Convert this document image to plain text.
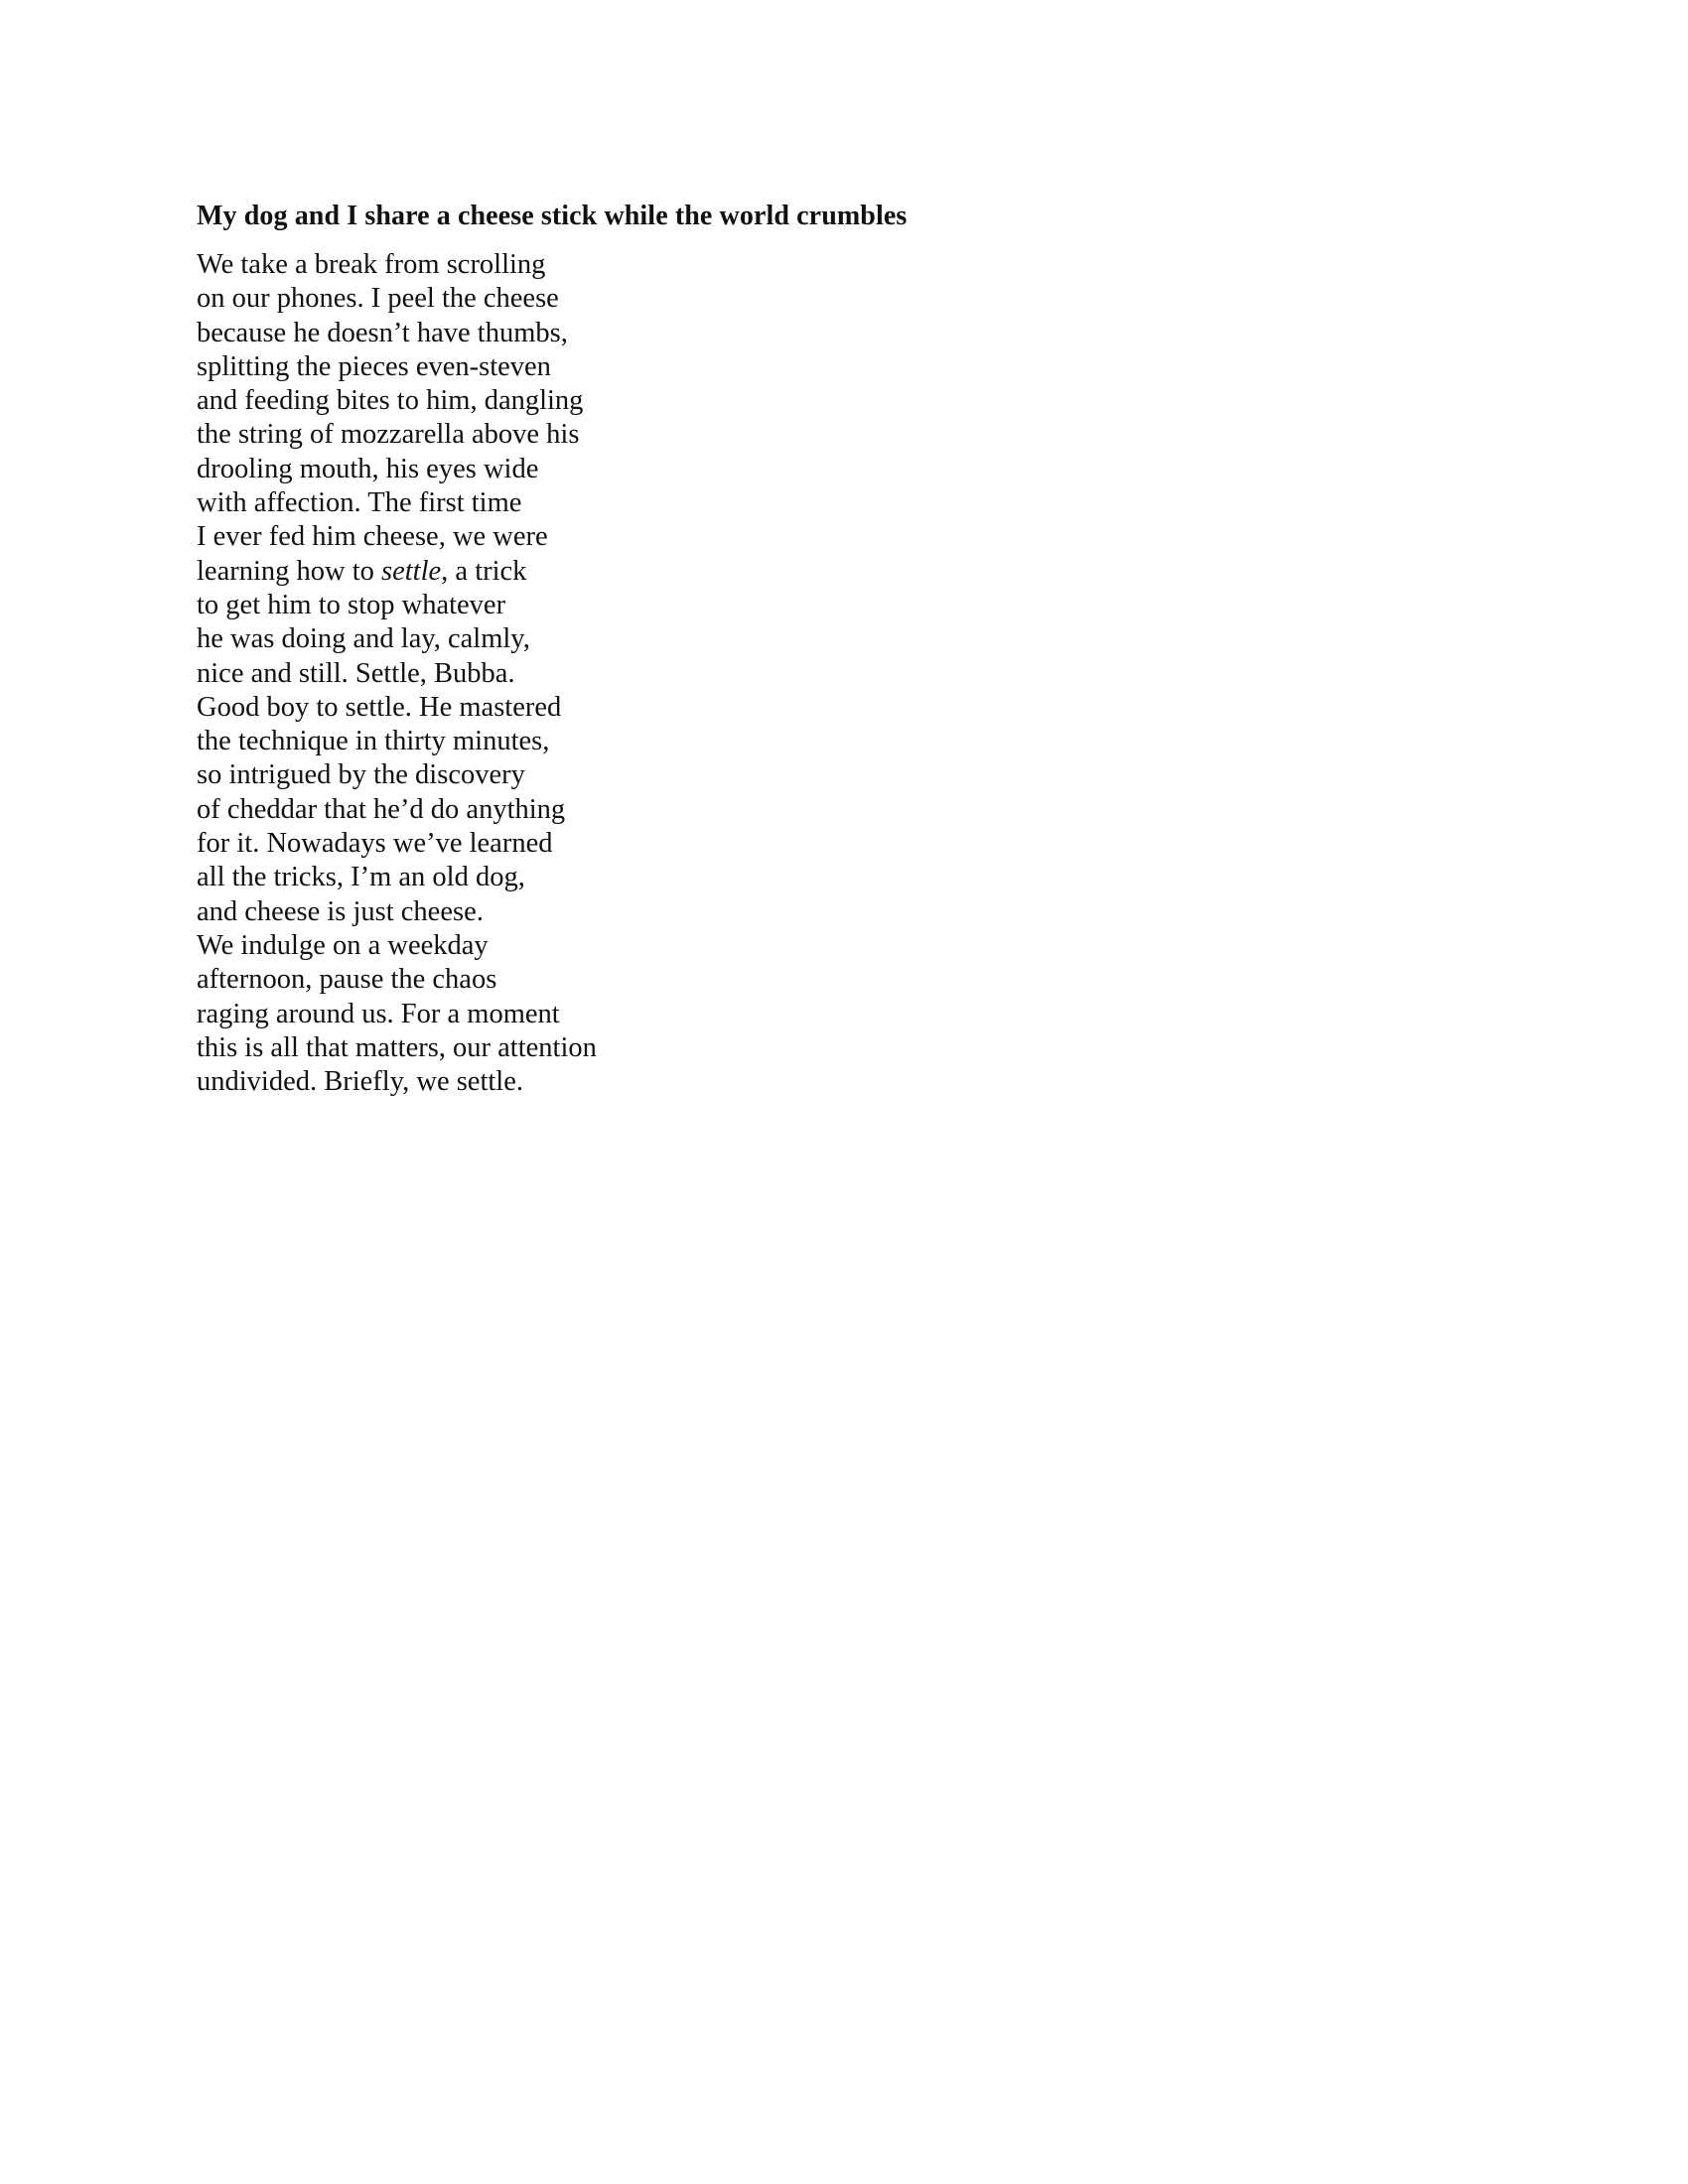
My dog and I share a cheese stick while the world crumbles
We take a break from scrolling
on our phones. I peel the cheese
because he doesn’t have thumbs,
splitting the pieces even-steven
and feeding bites to him, dangling
the string of mozzarella above his
drooling mouth, his eyes wide
with affection. The first time
I ever fed him cheese, we were
learning how to settle, a trick
to get him to stop whatever
he was doing and lay, calmly,
nice and still. Settle, Bubba.
Good boy to settle. He mastered
the technique in thirty minutes,
so intrigued by the discovery
of cheddar that he’d do anything
for it. Nowadays we’ve learned
all the tricks, I’m an old dog,
and cheese is just cheese.
We indulge on a weekday
afternoon, pause the chaos
raging around us. For a moment
this is all that matters, our attention
undivided. Briefly, we settle.
